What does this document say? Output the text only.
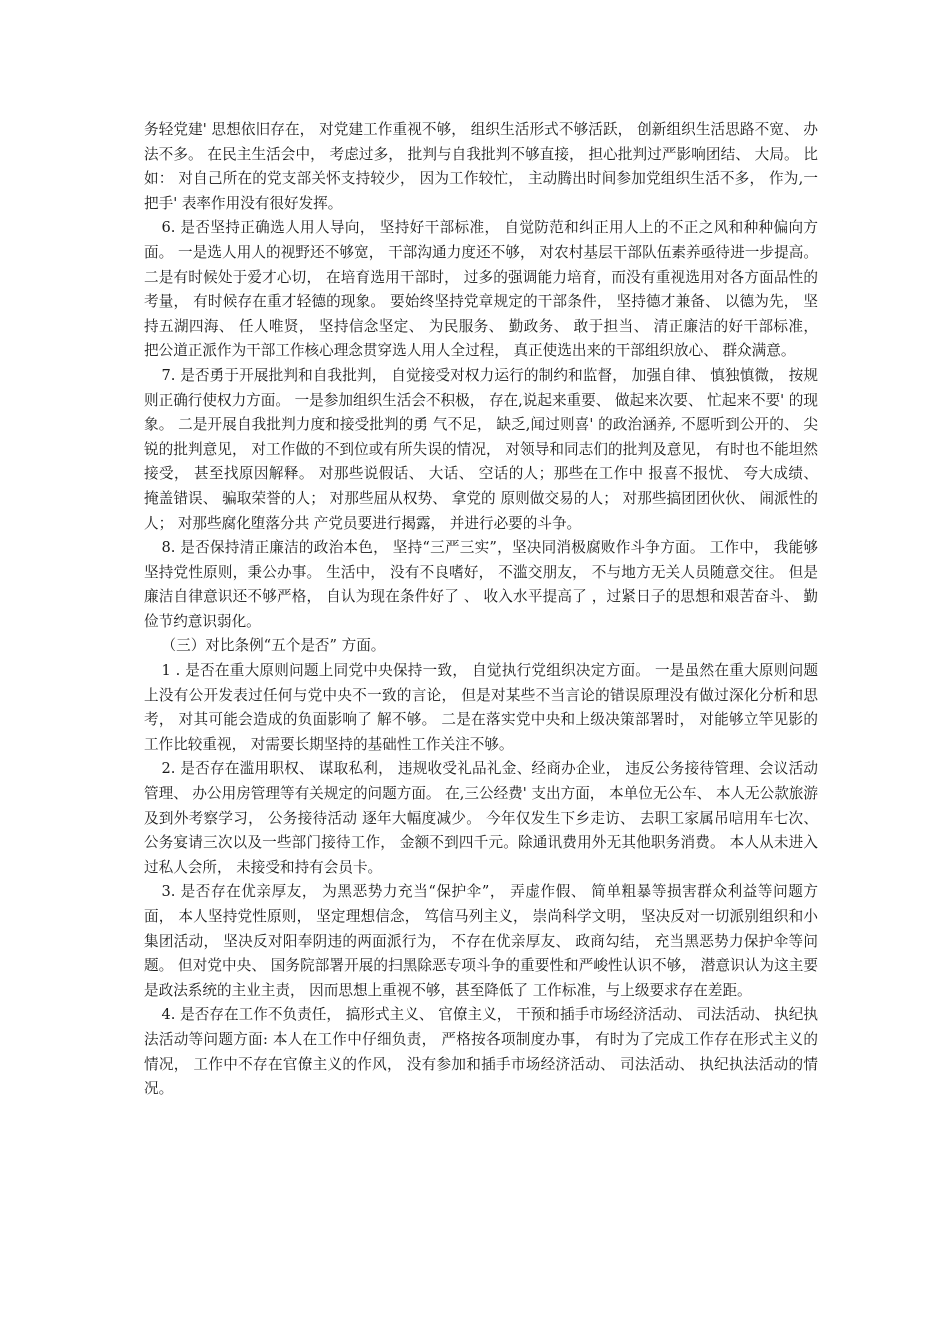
务轻党建' 思想依旧存在， 对党建工作重视不够， 组织生活形式不够活跃， 创新组织生活思路不宽、 办法不多。 在民主生活会中， 考虑过多， 批判与自我批判不够直接， 担心批判过严影响团结、 大局。 比如： 对自己所在的党支部关怀支持较少， 因为工作较忙， 主动腾出时间参加党组织生活不多， 作为,一把手' 表率作用没有很好发挥。

6. 是否坚持正确选人用人导向， 坚持好干部标准， 自觉防范和纠正用人上的不正之风和种种偏向方面。 一是选人用人的视野还不够宽， 干部沟通力度还不够， 对农村基层干部队伍素养亟待进一步提高。 二是有时候处于爱才心切， 在培育选用干部时， 过多的强调能力培育，而没有重视选用对各方面品性的考量， 有时候存在重才轻德的现象。 要始终坚持党章规定的干部条件， 坚持德才兼备、 以德为先， 坚持五湖四海、 任人唯贤， 坚持信念坚定、 为民服务、 勤政务、 敢于担当、 清正廉洁的好干部标准， 把公道正派作为干部工作核心理念贯穿选人用人全过程， 真正使选出来的干部组织放心、 群众满意。

7. 是否勇于开展批判和自我批判， 自觉接受对权力运行的制约和监督， 加强自律、 慎独慎微， 按规则正确行使权力方面。 一是参加组织生活会不积极， 存在,说起来重要、 做起来次要、 忙起来不要' 的现象。 二是开展自我批判力度和接受批判的勇 气不足， 缺乏,闻过则喜' 的政治涵养, 不愿听到公开的、 尖锐的批判意见， 对工作做的不到位或有所失误的情况， 对领导和同志们的批判及意见， 有时也不能坦然接受， 甚至找原因解释。 对那些说假话、 大话、 空话的人；那些在工作中 报喜不报忧、 夸大成绩、 掩盖错误、 骗取荣誉的人； 对那些屈从权势、 拿党的 原则做交易的人； 对那些搞团团伙伙、 闹派性的人； 对那些腐化堕落分共 产党员要进行揭露， 并进行必要的斗争。

8. 是否保持清正廉洁的政治本色， 坚持“三严三实”，坚决同消极腐败作斗争方面。 工作中， 我能够坚持党性原则，秉公办事。 生活中， 没有不良嗜好， 不滥交朋友， 不与地方无关人员随意交往。 但是廉洁自律意识还不够严格， 自认为现在条件好了 、 收入水平提高了 ，过紧日子的思想和艰苦奋斗、 勤俭节约意识弱化。

（三）对比条例“五个是否” 方面。

1 . 是否在重大原则问题上同党中央保持一致， 自觉执行党组织决定方面。 一是虽然在重大原则问题上没有公开发表过任何与党中央不一致的言论， 但是对某些不当言论的错误原理没有做过深化分析和思考， 对其可能会造成的负面影响了 解不够。 二是在落实党中央和上级决策部署时， 对能够立竿见影的工作比较重视， 对需要长期坚持的基础性工作关注不够。

2. 是否存在滥用职权、 谋取私利， 违规收受礼品礼金、经商办企业， 违反公务接待管理、会议活动管理、 办公用房管理等有关规定的问题方面。 在,三公经费' 支出方面， 本单位无公车、 本人无公款旅游及到外考察学习， 公务接待活动 逐年大幅度减少。 今年仅发生下乡走访、 去职工家属吊唁用车七次、 公务宴请三次以及一些部门接待工作， 金额不到四千元。除通讯费用外无其他职务消费。 本人从未进入过私人会所， 未接受和持有会员卡。

3. 是否存在优亲厚友， 为黑恶势力充当“保护伞”， 弄虚作假、 简单粗暴等损害群众利益等问题方面， 本人坚持党性原则， 坚定理想信念， 笃信马列主义， 崇尚科学文明， 坚决反对一切派别组织和小集团活动， 坚决反对阳奉阴违的两面派行为， 不存在优亲厚友、 政商勾结， 充当黑恶势力保护伞等问题。 但对党中央、 国务院部署开展的扫黑除恶专项斗争的重要性和严峻性认识不够， 潜意识认为这主要是政法系统的主业主责， 因而思想上重视不够，甚至降低了 工作标准，与上级要求存在差距。

4. 是否存在工作不负责任， 搞形式主义、 官僚主义， 干预和插手市场经济活动、 司法活动、 执纪执法活动等问题方面: 本人在工作中仔细负责， 严格按各项制度办事， 有时为了完成工作存在形式主义的情况， 工作中不存在官僚主义的作风， 没有参加和插手市场经济活动、 司法活动、 执纪执法活动的情况。
